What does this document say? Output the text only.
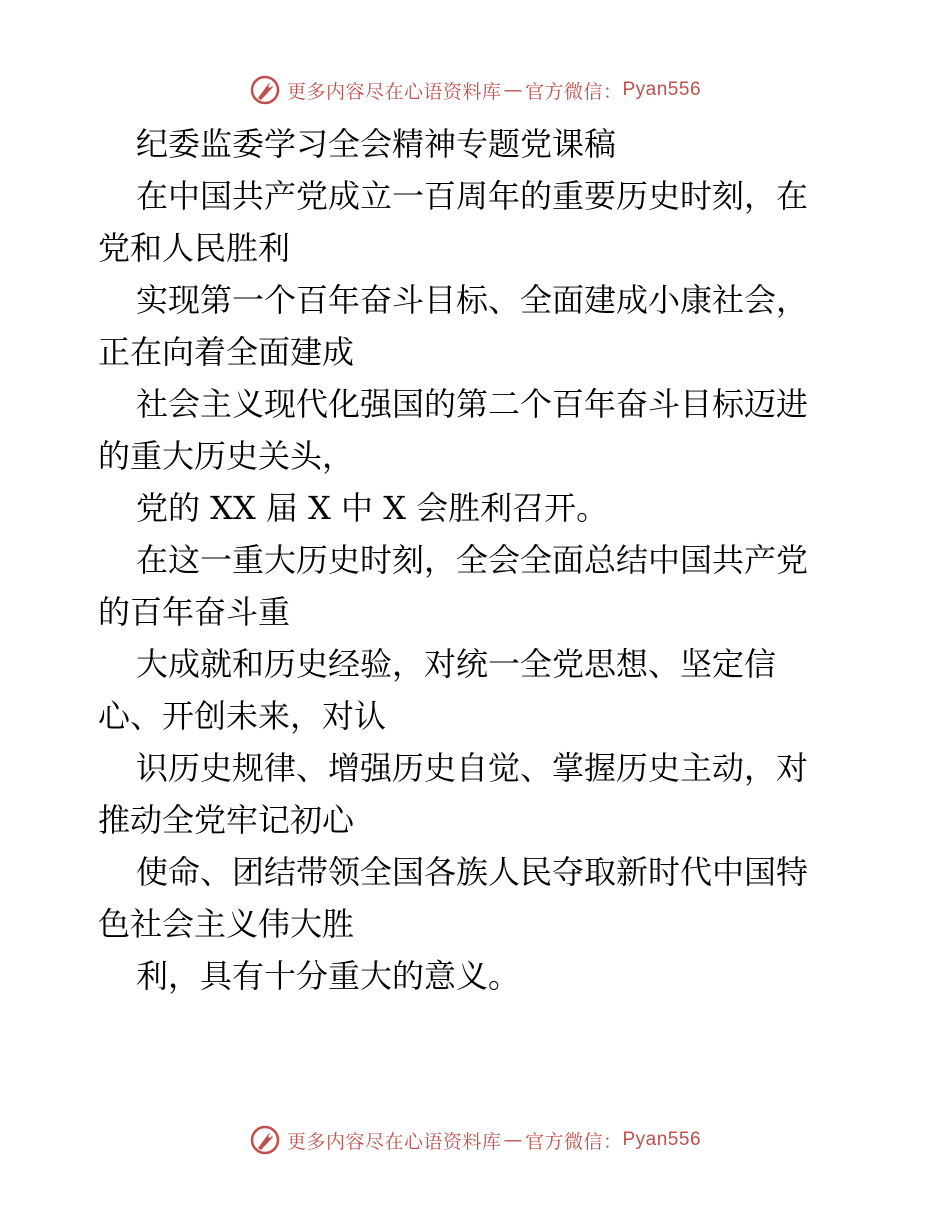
更多内容尽在心语资料库 — 官方微信： Pyan556
纪委监委学习全会精神专题党课稿
在中国共产党成立一百周年的重要历史时刻，在
党和人民胜利
实现第一个百年奋斗目标、全面建成小康社会，
正在向着全面建成
社会主义现代化强国的第二个百年奋斗目标迈进
的重大历史关头，
党的 XX 届 X 中 X 会胜利召开。
在这一重大历史时刻，全会全面总结中国共产党
的百年奋斗重
大成就和历史经验，对统一全党思想、坚定信
心、开创未来，对认
识历史规律、增强历史自觉、掌握历史主动，对
推动全党牢记初心
使命、团结带领全国各族人民夺取新时代中国特
色社会主义伟大胜
利，具有十分重大的意义。
更多内容尽在心语资料库 — 官方微信： Pyan556
